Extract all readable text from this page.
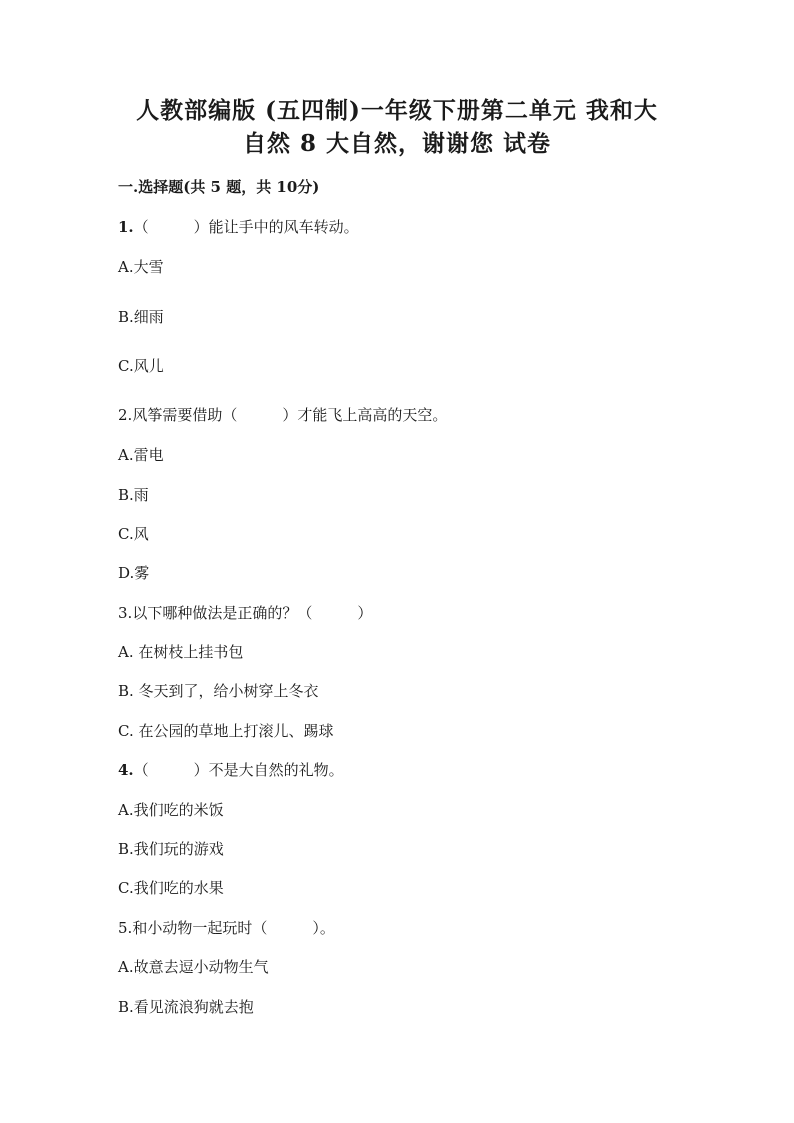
人教部编版 (五四制)一年级下册第二单元 我和大
自然 8 大自然，谢谢您 试卷
一.选择题(共 5 题，共 10分)
1.（　　　）能让手中的风车转动。
A.大雪
B.细雨
C.风儿
2.风筝需要借助（　　　）才能飞上高高的天空。
A.雷电
B.雨
C.风
D.雾
3.以下哪种做法是正确的？（　　　）
A. 在树枝上挂书包
B. 冬天到了，给小树穿上冬衣
C. 在公园的草地上打滚儿、踢球
4.（　　　）不是大自然的礼物。
A.我们吃的米饭
B.我们玩的游戏
C.我们吃的水果
5.和小动物一起玩时（　　　）。
A.故意去逗小动物生气
B.看见流浪狗就去抱
